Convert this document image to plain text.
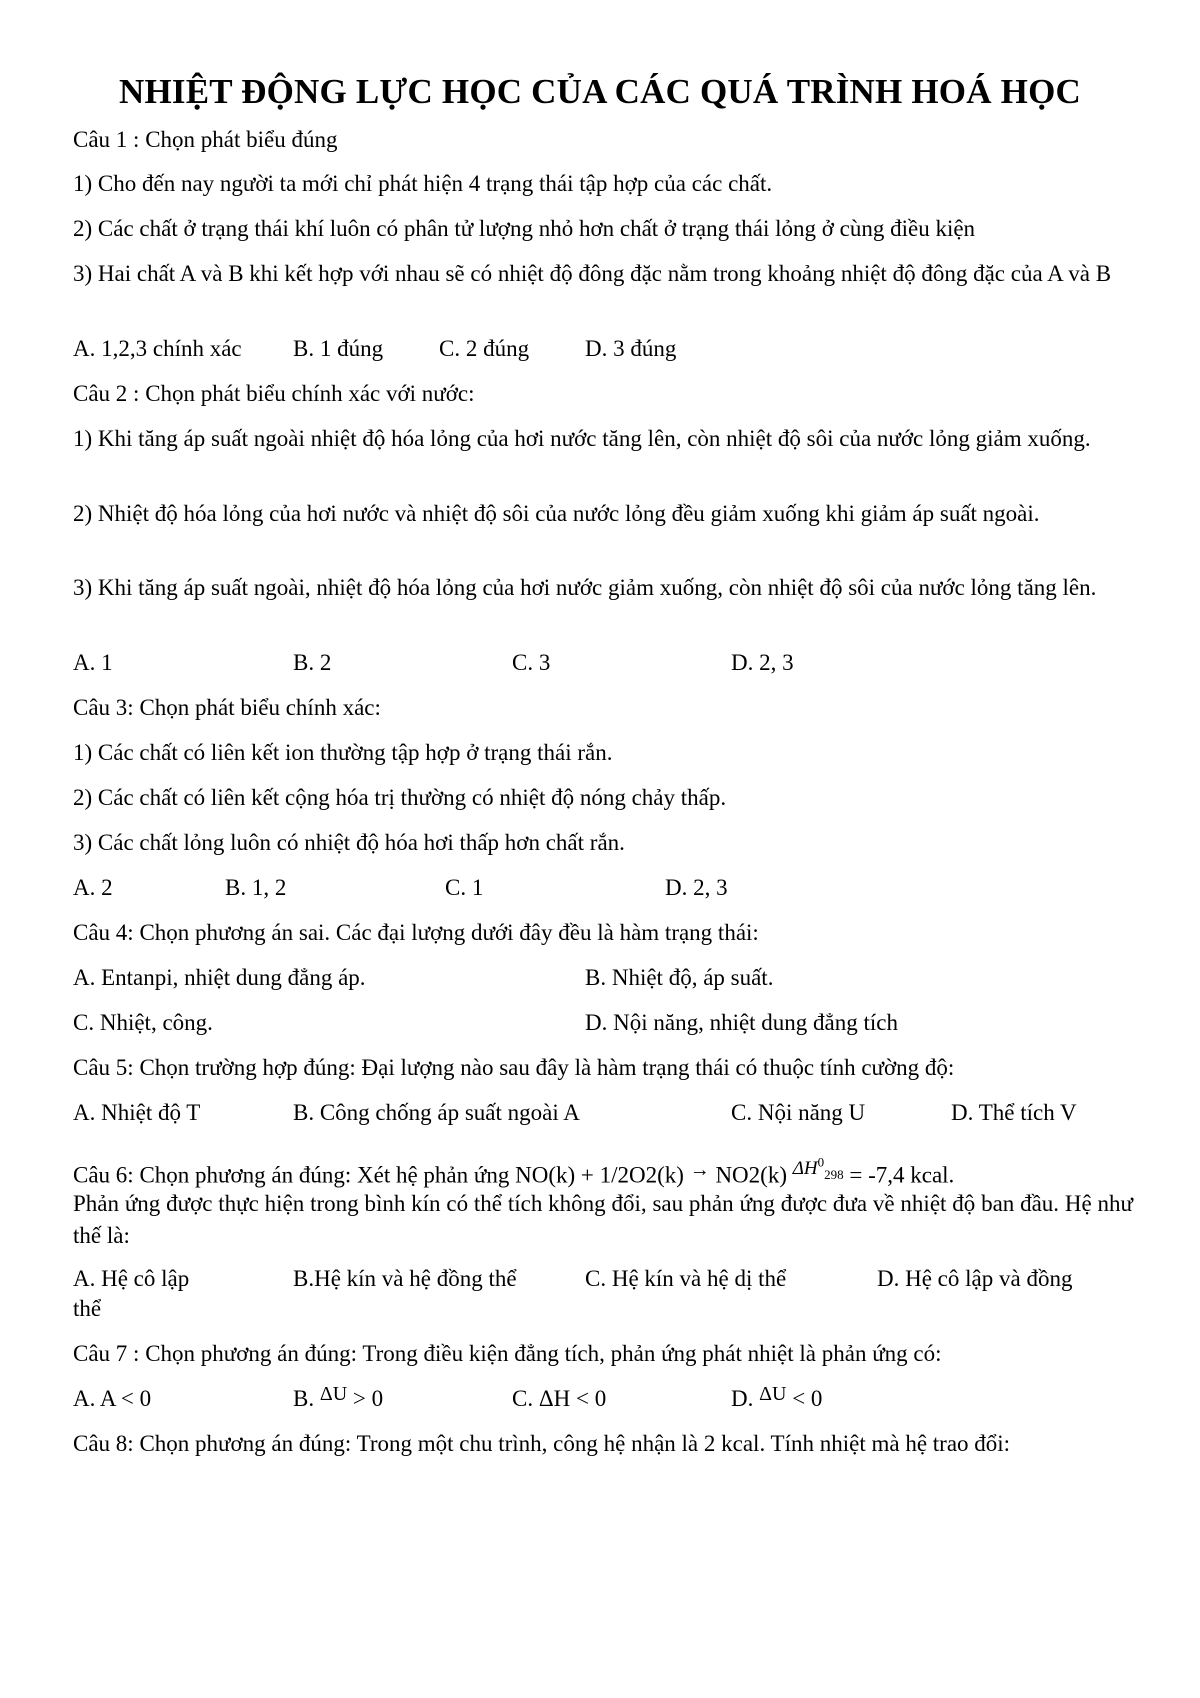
NHIỆT ĐỘNG LỰC HỌC CỦA CÁC QUÁ TRÌNH HOÁ HỌC
Câu 1 : Chọn phát biểu đúng
1) Cho đến nay người ta mới chỉ phát hiện 4 trạng thái tập hợp của các chất.
2) Các chất ở trạng thái khí luôn có phân tử lượng nhỏ hơn chất ở trạng thái lỏng ở cùng điều kiện
3) Hai chất A và B khi kết hợp với nhau sẽ có nhiệt độ đông đặc nằm trong khoảng nhiệt độ đông đặc của A và B
A. 1,2,3 chính xác B. 1 đúng C. 2 đúng D. 3 đúng
Câu 2 : Chọn phát biểu chính xác với nước:
1) Khi tăng áp suất ngoài nhiệt độ hóa lỏng của hơi nước tăng lên, còn nhiệt độ sôi của nước lỏng giảm xuống.
2) Nhiệt độ hóa lỏng của hơi nước và nhiệt độ sôi của nước lỏng đều giảm xuống khi giảm áp suất ngoài.
3) Khi tăng áp suất ngoài, nhiệt độ hóa lỏng của hơi nước giảm xuống, còn nhiệt độ sôi của nước lỏng tăng lên.
A. 1	B. 2	C. 3	D. 2, 3
Câu 3: Chọn phát biểu chính xác:
1) Các chất có liên kết ion thường tập hợp ở trạng thái rắn.
2) Các chất có liên kết cộng hóa trị thường có nhiệt độ nóng chảy thấp.
3) Các chất lỏng luôn có nhiệt độ hóa hơi thấp hơn chất rắn.
A. 2	B. 1, 2	C. 1	D. 2, 3
Câu 4: Chọn phương án sai. Các đại lượng dưới đây đều là hàm trạng thái:
A. Entanpi, nhiệt dung đẳng áp.	B. Nhiệt độ, áp suất.
C. Nhiệt, công.	D. Nội năng, nhiệt dung đẳng tích
Câu 5: Chọn trường hợp đúng: Đại lượng nào sau đây là hàm trạng thái có thuộc tính cường độ:
A. Nhiệt độ T	B. Công chống áp suất ngoài A	C. Nội năng U	D. Thể tích V
Câu 6: Chọn phương án đúng: Xét hệ phản ứng NO(k) + 1/2O2(k) → NO2(k) $^{\Delta H^0_{298}}$ = -7,4 kcal.
Phản ứng được thực hiện trong bình kín có thể tích không đổi, sau phản ứng được đưa về nhiệt độ ban đầu. Hệ như thế là:
A. Hệ cô lập	B.Hệ kín và hệ đồng thể	C. Hệ kín và hệ dị thể	D. Hệ cô lập và đồng
thể
Câu 7 : Chọn phương án đúng: Trong điều kiện đẳng tích, phản ứng phát nhiệt là phản ứng có:
A. A < 0	B. ΔU > 0	C. ΔH < 0	D. ΔU < 0
Câu 8: Chọn phương án đúng: Trong một chu trình, công hệ nhận là 2 kcal. Tính nhiệt mà hệ trao đổi:
